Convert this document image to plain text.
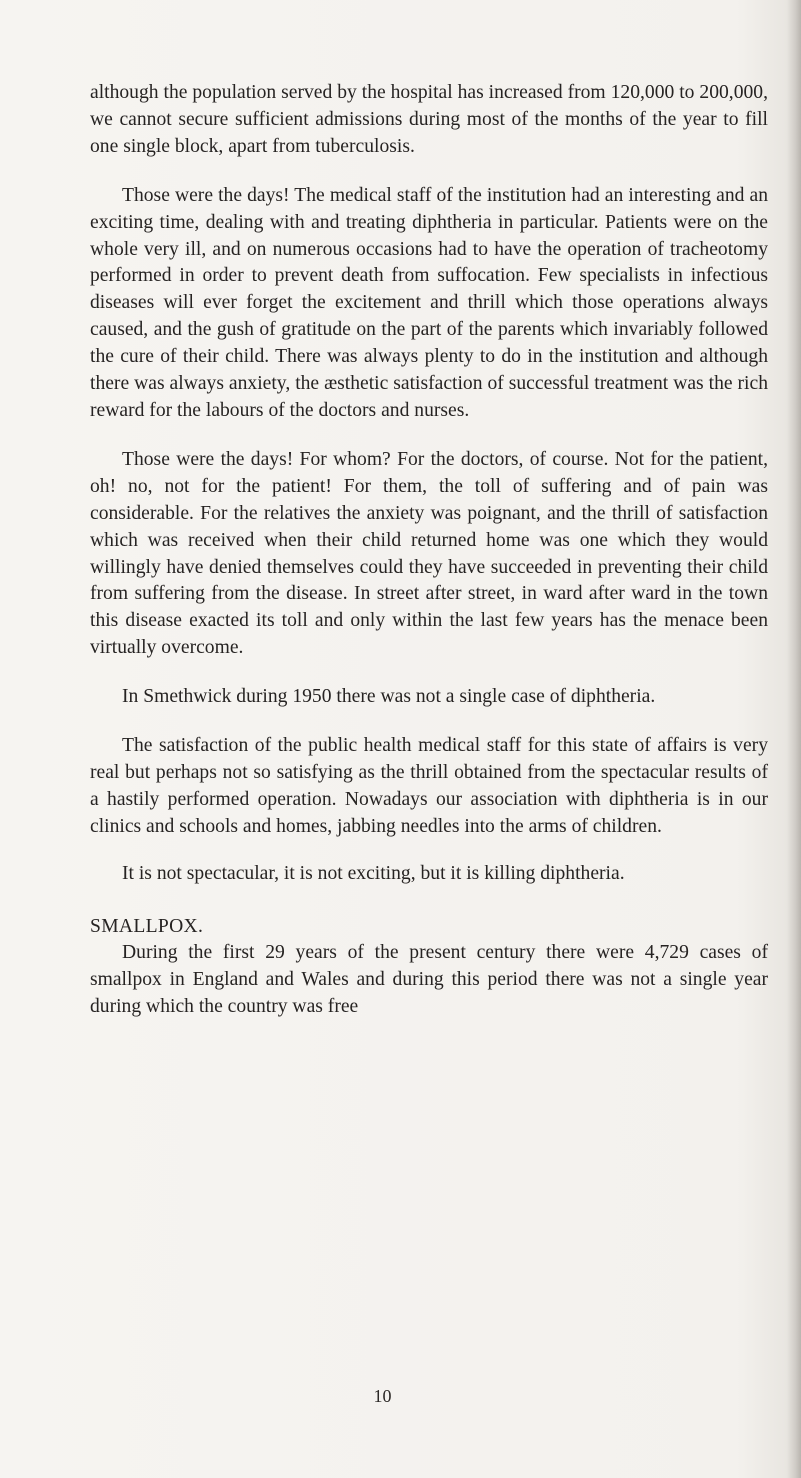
although the population served by the hospital has increased from 120,000 to 200,000, we cannot secure sufficient admissions during most of the months of the year to fill one single block, apart from tuberculosis.

Those were the days! The medical staff of the institution had an interesting and an exciting time, dealing with and treating diphtheria in particular. Patients were on the whole very ill, and on numerous occasions had to have the operation of tracheotomy performed in order to prevent death from suffocation. Few specialists in infectious diseases will ever forget the excitement and thrill which those operations always caused, and the gush of gratitude on the part of the parents which invariably followed the cure of their child. There was always plenty to do in the institution and although there was always anxiety, the æsthetic satisfaction of successful treatment was the rich reward for the labours of the doctors and nurses.

Those were the days! For whom? For the doctors, of course. Not for the patient, oh! no, not for the patient! For them, the toll of suffering and of pain was considerable. For the relatives the anxiety was poignant, and the thrill of satisfaction which was received when their child returned home was one which they would willingly have denied themselves could they have succeeded in preventing their child from suffering from the disease. In street after street, in ward after ward in the town this disease exacted its toll and only within the last few years has the menace been virtually overcome.

In Smethwick during 1950 there was not a single case of diphtheria.

The satisfaction of the public health medical staff for this state of affairs is very real but perhaps not so satisfying as the thrill obtained from the spectacular results of a hastily performed operation. Nowadays our association with diphtheria is in our clinics and schools and homes, jabbing needles into the arms of children.

It is not spectacular, it is not exciting, but it is killing diphtheria.

SMALLPOX.

During the first 29 years of the present century there were 4,729 cases of smallpox in England and Wales and during this period there was not a single year during which the country was free

10
